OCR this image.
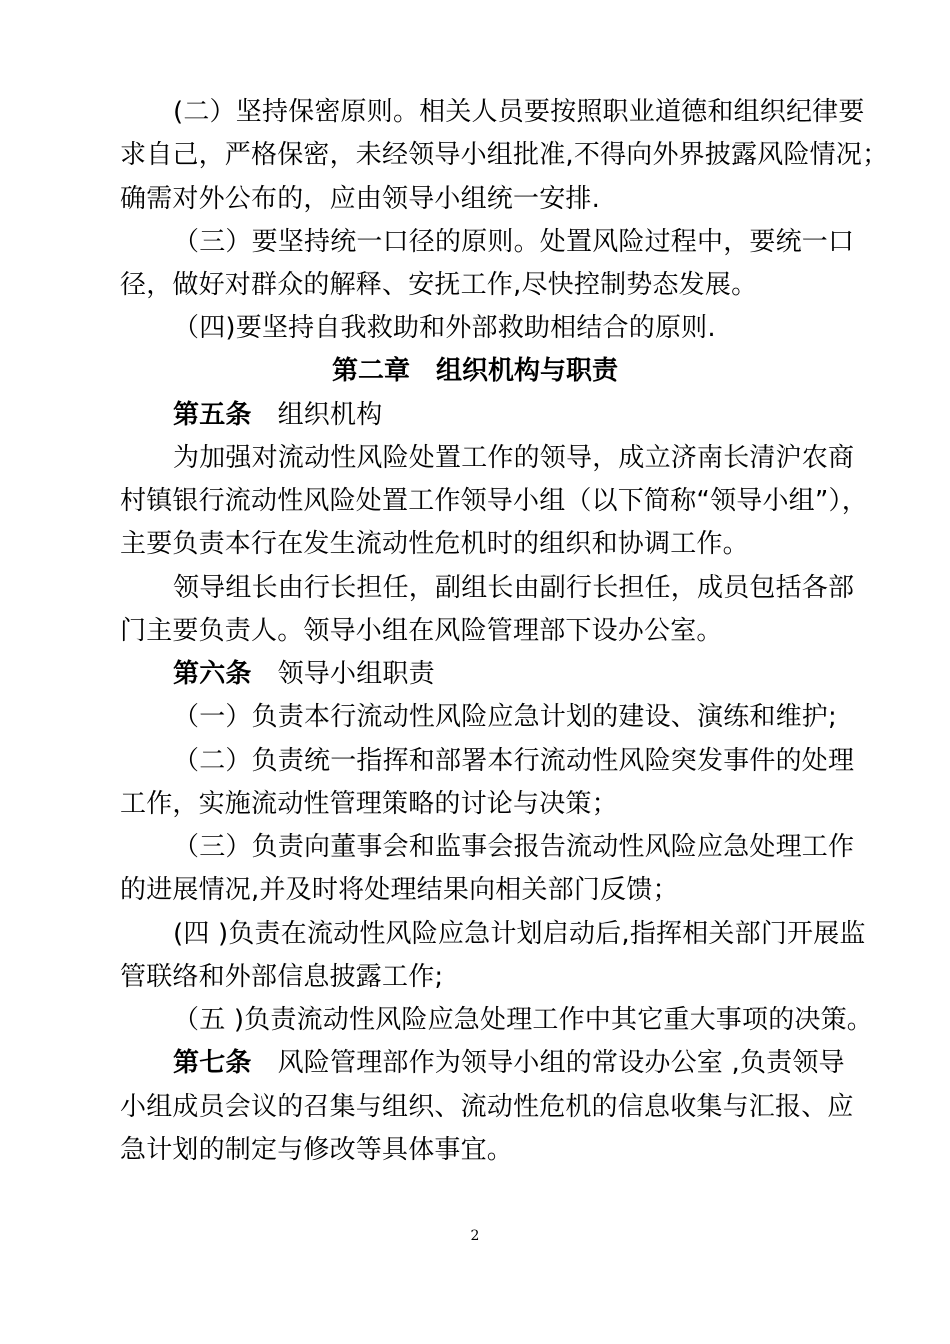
(二）坚持保密原则。相关人员要按照职业道德和组织纪律要
求自己，严格保密，未经领导小组批准,不得向外界披露风险情况；
确需对外公布的，应由领导小组统一安排.
（三）要坚持统一口径的原则。处置风险过程中，要统一口
径，做好对群众的解释、安抚工作,尽快控制势态发展。
（四)要坚持自我救助和外部救助相结合的原则.
第二章　组织机构与职责
第五条 组织机构
为加强对流动性风险处置工作的领导，成立济南长清沪农商
村镇银行流动性风险处置工作领导小组（以下简称“领导小组”），
主要负责本行在发生流动性危机时的组织和协调工作。
领导组长由行长担任，副组长由副行长担任，成员包括各部
门主要负责人。领导小组在风险管理部下设办公室。
第六条 领导小组职责
（一）负责本行流动性风险应急计划的建设、演练和维护;
（二）负责统一指挥和部署本行流动性风险突发事件的处理
工作，实施流动性管理策略的讨论与决策；
（三）负责向董事会和监事会报告流动性风险应急处理工作
的进展情况,并及时将处理结果向相关部门反馈；
(四 )负责在流动性风险应急计划启动后,指挥相关部门开展监
管联络和外部信息披露工作;
（五 )负责流动性风险应急处理工作中其它重大事项的决策。
第七条 风险管理部作为领导小组的常设办公室 ,负责领导
小组成员会议的召集与组织、流动性危机的信息收集与汇报、应
急计划的制定与修改等具体事宜。
2
